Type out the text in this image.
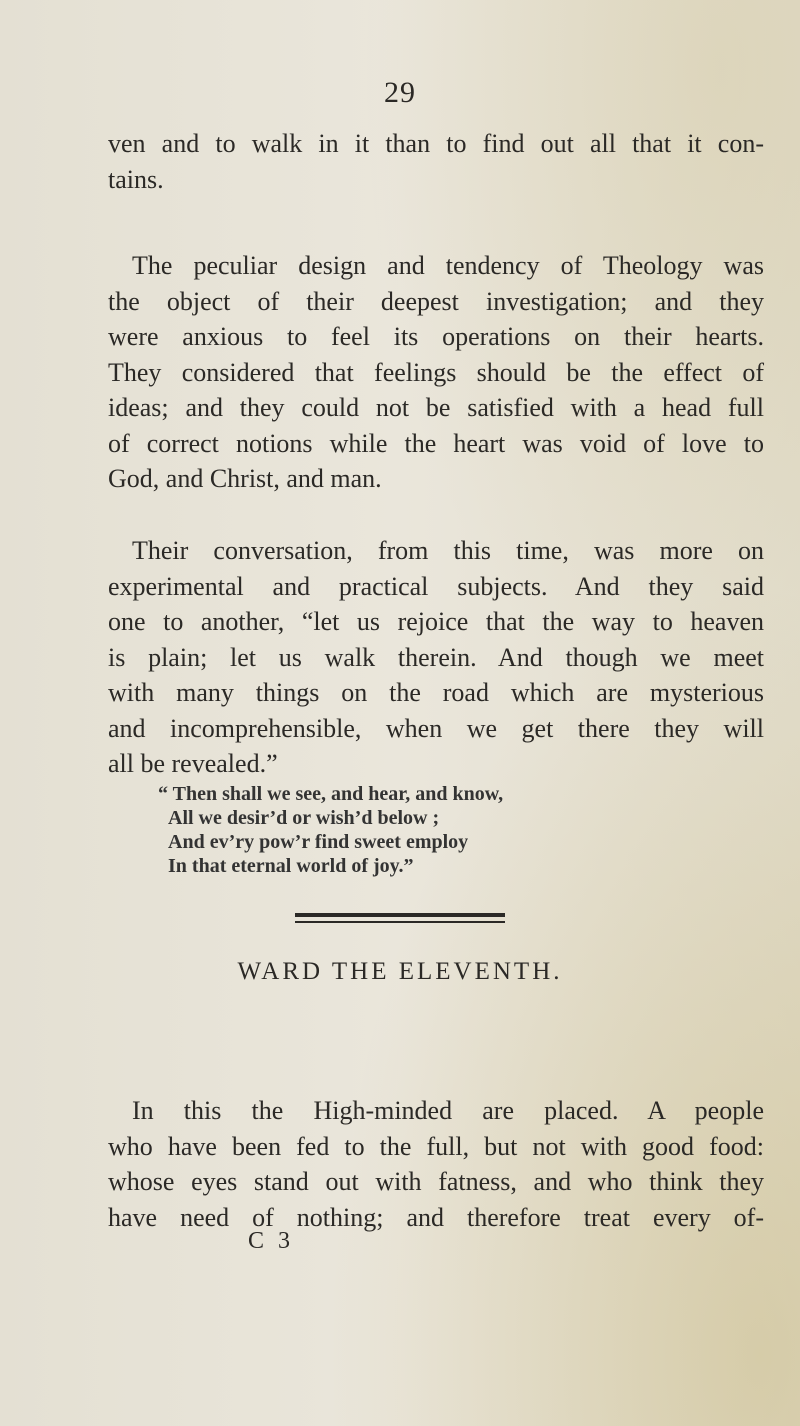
29
ven and to walk in it than to find out all that it con-
tains.
The peculiar design and tendency of Theology was
the object of their deepest investigation; and they
were anxious to feel its operations on their hearts.
They considered that feelings should be the effect of
ideas; and they could not be satisfied with a head full
of correct notions while the heart was void of love to
God, and Christ, and man.
Their conversation, from this time, was more on
experimental and practical subjects. And they said
one to another, “let us rejoice that the way to heaven
is plain; let us walk therein. And though we meet
with many things on the road which are mysterious
and incomprehensible, when we get there they will
all be revealed.”
“ Then shall we see, and hear, and know,
All we desir’d or wish’d below ;
And ev’ry pow’r find sweet employ
In that eternal world of joy.”
WARD THE ELEVENTH.
In this the High-minded are placed. A people
who have been fed to the full, but not with good food:
whose eyes stand out with fatness, and who think they
have need of nothing; and therefore treat every of-
C 3
